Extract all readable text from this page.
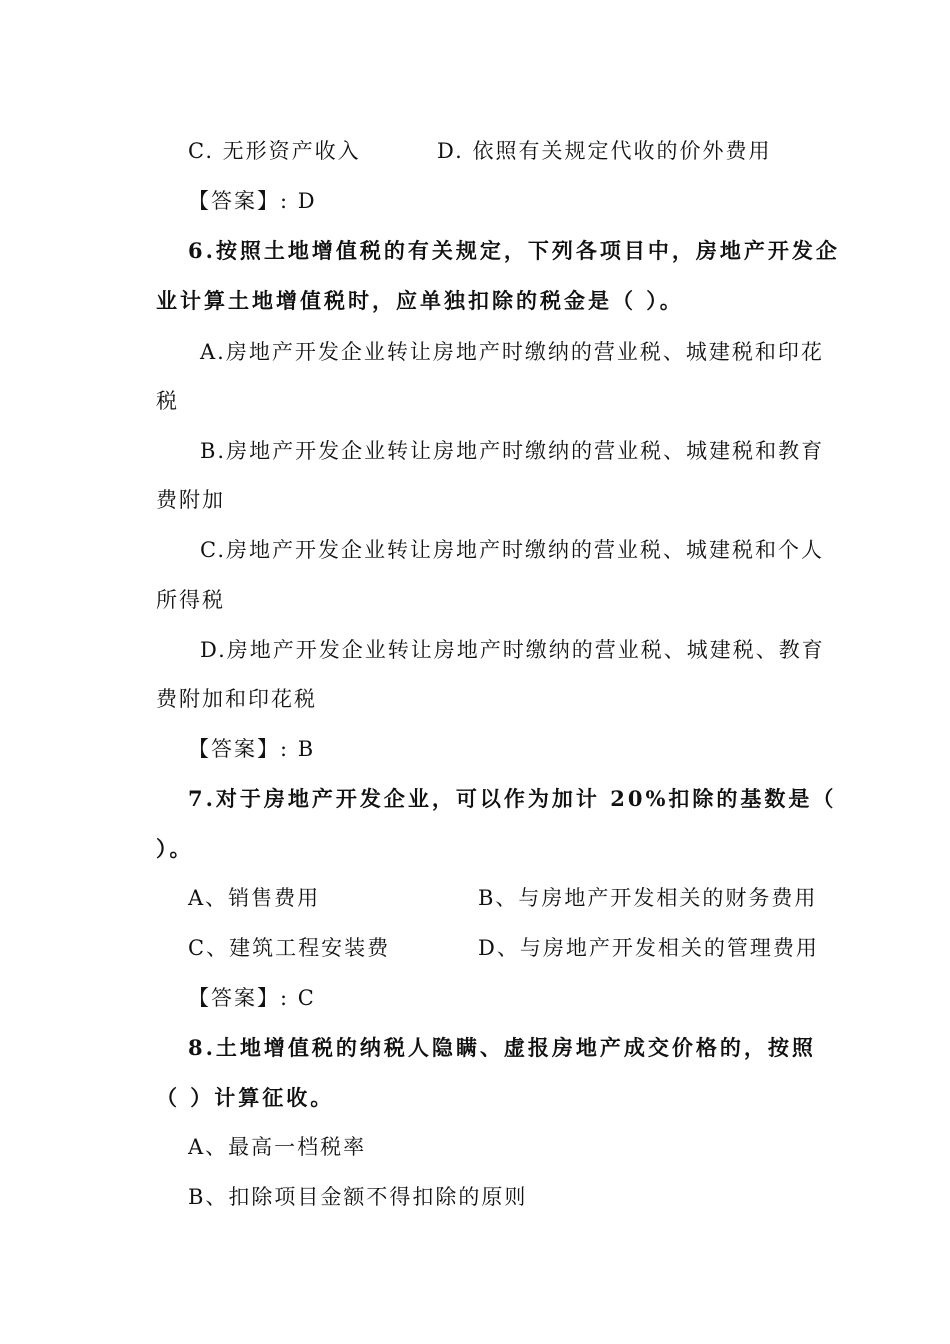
C. 无形资产收入	D. 依照有关规定代收的价外费用
【答案】: D
6.按照土地增值税的有关规定，下列各项目中，房地产开发企
业计算土地增值税时，应单独扣除的税金是（ ）。
A.房地产开发企业转让房地产时缴纳的营业税、城建税和印花
税
B.房地产开发企业转让房地产时缴纳的营业税、城建税和教育
费附加
C.房地产开发企业转让房地产时缴纳的营业税、城建税和个人
所得税
D.房地产开发企业转让房地产时缴纳的营业税、城建税、教育
费附加和印花税
【答案】: B
7.对于房地产开发企业，可以作为加计 20%扣除的基数是（
）。
A、销售费用	B、与房地产开发相关的财务费用
C、建筑工程安装费	D、与房地产开发相关的管理费用
【答案】: C
8.土地增值税的纳税人隐瞒、虚报房地产成交价格的，按照
（ ）计算征收。
A、最高一档税率
B、扣除项目金额不得扣除的原则
